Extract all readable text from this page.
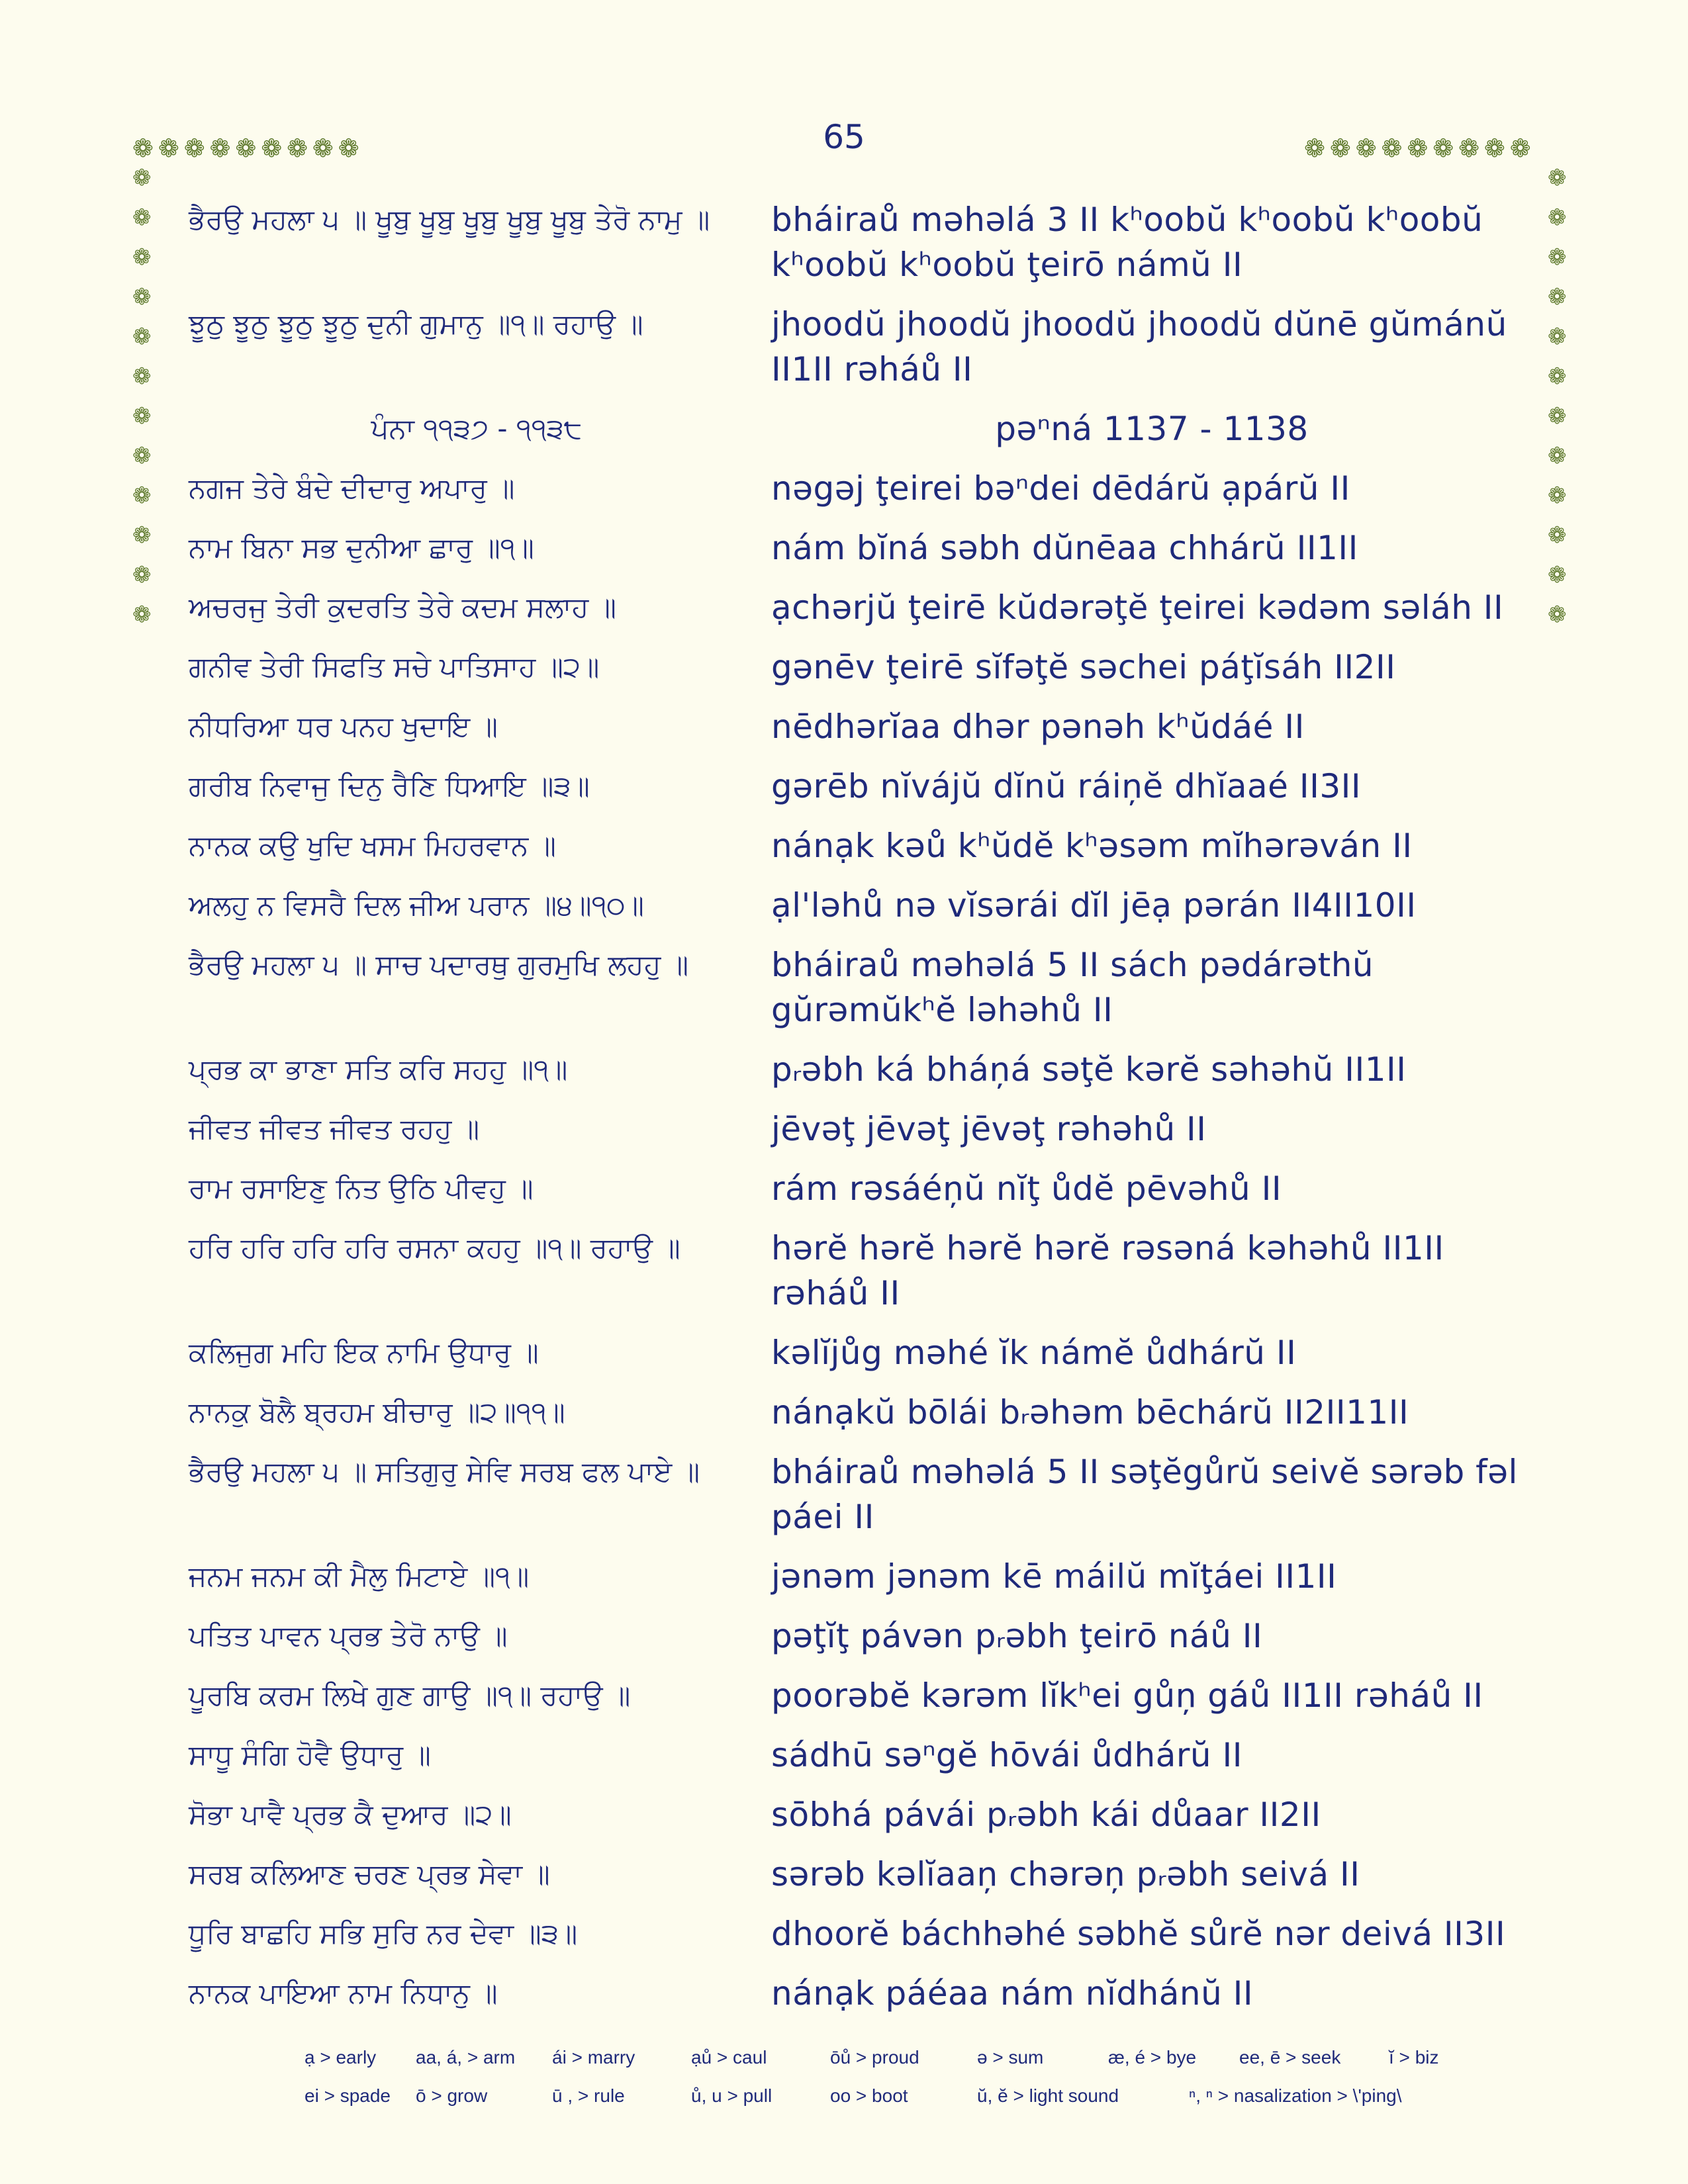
65
❁ ❁ ❁ ❁ ❁ ❁ ❁ ❁ ❁	❁ ❁ ❁ ❁ ❁ ❁ ❁ ❁ ❁
❁
❁
❁
❁
❁
❁
❁
❁
❁
❁
❁
❁
❁
❁
❁
❁
❁
❁
❁
❁
❁
❁
❁
❁
ਭੈਰਉ ਮਹਲਾ ੫ ॥ ਖੂਬੁ ਖੂਬੁ ਖੂਬੁ ਖੂਬੁ ਖੂਬੁ ਤੇਰੋ ਨਾਮੁ ॥	bháiraů məhəlá 3 II kʰoobŭ kʰoobŭ kʰoobŭ kʰoobŭ kʰoobŭ ţeirō námŭ II
ਝੂਠੁ ਝੂਠੁ ਝੂਠੁ ਝੂਠੁ ਦੁਨੀ ਗੁਮਾਨੁ ॥੧॥ ਰਹਾਉ ॥	jhoodŭ jhoodŭ jhoodŭ jhoodŭ dŭnē gŭmánŭ II1II rəháů II
ਪੰਨਾ ੧੧੩੭ - ੧੧੩੮	pəⁿná 1137 - 1138
ਨਗਜ ਤੇਰੇ ਬੰਦੇ ਦੀਦਾਰੁ ਅਪਾਰੁ ॥	nəgəj ţeirei bəⁿdei dēdárŭ ạpárŭ II
ਨਾਮ ਬਿਨਾ ਸਭ ਦੁਨੀਆ ਛਾਰੁ ॥੧॥	nám bĭná səbh dŭnēaa chhárŭ II1II
ਅਚਰਜੁ ਤੇਰੀ ਕੁਦਰਤਿ ਤੇਰੇ ਕਦਮ ਸਲਾਹ ॥	ạchərjŭ ţeirē kŭdərəţĕ ţeirei kədəm səláh II
ਗਨੀਵ ਤੇਰੀ ਸਿਫਤਿ ਸਚੇ ਪਾਤਿਸਾਹ ॥੨॥	gənēv ţeirē sĭfəţĕ səchei páţĭsáh II2II
ਨੀਧਰਿਆ ਧਰ ਪਨਹ ਖੁਦਾਇ ॥	nēdhərĭaa dhər pənəh kʰŭdáé II
ਗਰੀਬ ਨਿਵਾਜੁ ਦਿਨੁ ਰੈਣਿ ਧਿਆਇ ॥੩॥	gərēb nĭvájŭ dĭnŭ ráiņĕ dhĭaaé II3II
ਨਾਨਕ ਕਉ ਖੁਦਿ ਖਸਮ ਮਿਹਰਵਾਨ ॥	nánạk kəů kʰŭdĕ kʰəsəm mĭhərəván II
ਅਲਹੁ ਨ ਵਿਸਰੈ ਦਿਲ ਜੀਅ ਪਰਾਨ ॥੪॥੧੦॥	ạl'ləhů nə vĭsərái dĭl jēạ pərán II4II10II
ਭੈਰਉ ਮਹਲਾ ੫ ॥ ਸਾਚ ਪਦਾਰਥੁ ਗੁਰਮੁਖਿ ਲਹਹੁ ॥	bháiraů məhəlá 5 II sách pədárəthŭ gŭrəmŭkʰĕ ləhəhů II
ਪ੍ਰਭ ਕਾ ਭਾਣਾ ਸਤਿ ਕਰਿ ਸਹਹੁ ॥੧॥	pᵣəbh ká bháņá səţĕ kərĕ səhəhŭ II1II
ਜੀਵਤ ਜੀਵਤ ਜੀਵਤ ਰਹਹੁ ॥	jēvəţ jēvəţ jēvəţ rəhəhů II
ਰਾਮ ਰਸਾਇਣੁ ਨਿਤ ਉਠਿ ਪੀਵਹੁ ॥	rám rəsáéņŭ nĭţ ůdĕ pēvəhů II
ਹਰਿ ਹਰਿ ਹਰਿ ਹਰਿ ਰਸਨਾ ਕਹਹੁ ॥੧॥ ਰਹਾਉ ॥	hərĕ hərĕ hərĕ hərĕ rəsəná kəhəhů II1II rəháů II
ਕਲਿਜੁਗ ਮਹਿ ਇਕ ਨਾਮਿ ਉਧਾਰੁ ॥	kəlĭjůg məhé ĭk námĕ ůdhárŭ II
ਨਾਨਕੁ ਬੋਲੈ ਬ੍ਰਹਮ ਬੀਚਾਰੁ ॥੨॥੧੧॥	nánạkŭ bōlái bᵣəhəm bēchárŭ II2II11II
ਭੈਰਉ ਮਹਲਾ ੫ ॥ ਸਤਿਗੁਰੁ ਸੇਵਿ ਸਰਬ ਫਲ ਪਾਏ ॥	bháiraů məhəlá 5 II səţĕgůrŭ seivĕ sərəb fəl páei II
ਜਨਮ ਜਨਮ ਕੀ ਮੈਲੁ ਮਿਟਾਏ ॥੧॥	jənəm jənəm kē máilŭ mĭţáei II1II
ਪਤਿਤ ਪਾਵਨ ਪ੍ਰਭ ਤੇਰੋ ਨਾਉ ॥	pəţĭţ pávən pᵣəbh ţeirō náů II
ਪੂਰਬਿ ਕਰਮ ਲਿਖੇ ਗੁਣ ਗਾਉ ॥੧॥ ਰਹਾਉ ॥	poorəbĕ kərəm lĭkʰei gůņ gáů II1II rəháů II
ਸਾਧੂ ਸੰਗਿ ਹੋਵੈ ਉਧਾਰੁ ॥	sádhū səⁿgĕ hōvái ůdhárŭ II
ਸੋਭਾ ਪਾਵੈ ਪ੍ਰਭ ਕੈ ਦੁਆਰ ॥੨॥	sōbhá pávái pᵣəbh kái důaar II2II
ਸਰਬ ਕਲਿਆਣ ਚਰਣ ਪ੍ਰਭ ਸੇਵਾ ॥	sərəb kəlĭaaņ chərəņ pᵣəbh seivá II
ਧੂਰਿ ਬਾਛਹਿ ਸਭਿ ਸੁਰਿ ਨਰ ਦੇਵਾ ॥੩॥	dhoorĕ báchhəhé səbhĕ sůrĕ nər deivá II3II
ਨਾਨਕ ਪਾਇਆ ਨਾਮ ਨਿਧਾਨੁ ॥	nánạk páéaa nám nĭdhánŭ II
ạ > early	aa, á, > arm	ái > marry	ạů > caul	ōů > proud	ə > sum	æ, é > bye	ee, ē > seek	ĭ > biz
ei > spade	ō > grow	ū , > rule	ů, u > pull	oo > boot	ŭ, ĕ > light sound	ⁿ, ⁿ > nasalization > \'ping\
